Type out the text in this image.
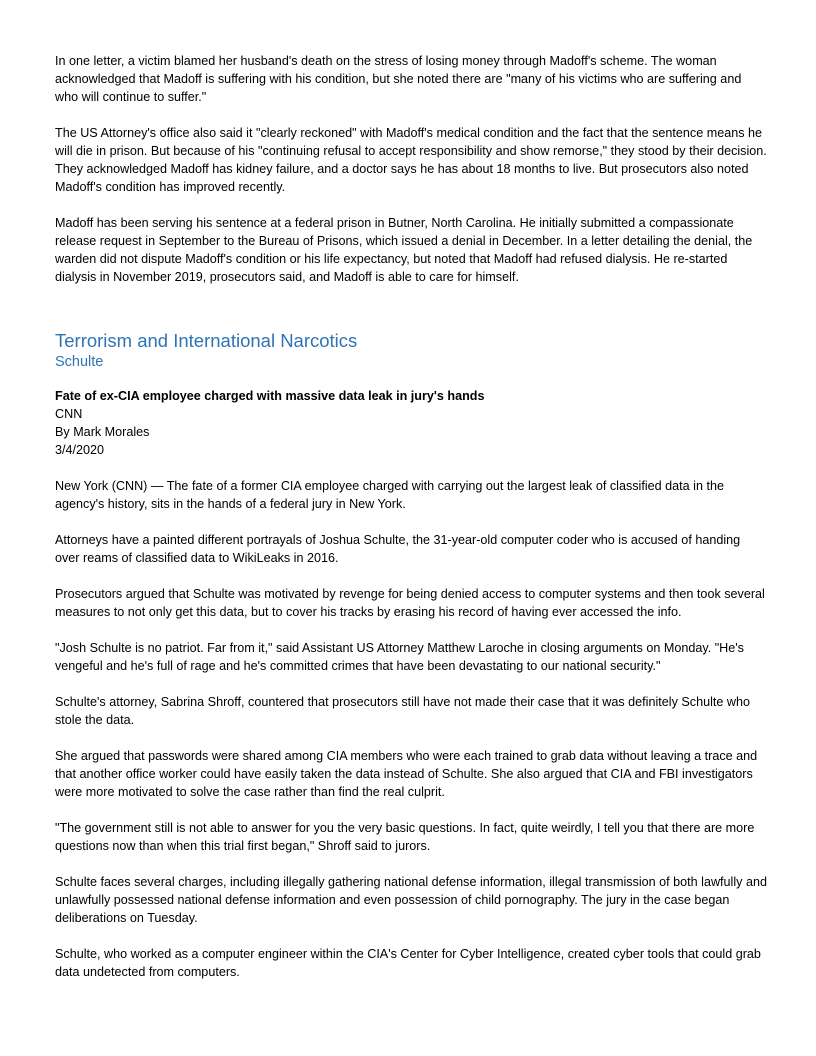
In one letter, a victim blamed her husband's death on the stress of losing money through Madoff's scheme. The woman acknowledged that Madoff is suffering with his condition, but she noted there are "many of his victims who are suffering and who will continue to suffer."

The US Attorney's office also said it "clearly reckoned" with Madoff's medical condition and the fact that the sentence means he will die in prison. But because of his "continuing refusal to accept responsibility and show remorse," they stood by their decision. They acknowledged Madoff has kidney failure, and a doctor says he has about 18 months to live. But prosecutors also noted Madoff's condition has improved recently.

Madoff has been serving his sentence at a federal prison in Butner, North Carolina. He initially submitted a compassionate release request in September to the Bureau of Prisons, which issued a denial in December. In a letter detailing the denial, the warden did not dispute Madoff's condition or his life expectancy, but noted that Madoff had refused dialysis. He re-started dialysis in November 2019, prosecutors said, and Madoff is able to care for himself.

Terrorism and International Narcotics
Schulte

Fate of ex-CIA employee charged with massive data leak in jury's hands

CNN

By Mark Morales

3/4/2020

New York (CNN) — The fate of a former CIA employee charged with carrying out the largest leak of classified data in the agency's history, sits in the hands of a federal jury in New York.

Attorneys have a painted different portrayals of Joshua Schulte, the 31-year-old computer coder who is accused of handing over reams of classified data to WikiLeaks in 2016.

Prosecutors argued that Schulte was motivated by revenge for being denied access to computer systems and then took several measures to not only get this data, but to cover his tracks by erasing his record of having ever accessed the info.

"Josh Schulte is no patriot. Far from it," said Assistant US Attorney Matthew Laroche in closing arguments on Monday. "He's vengeful and he's full of rage and he's committed crimes that have been devastating to our national security."

Schulte's attorney, Sabrina Shroff, countered that prosecutors still have not made their case that it was definitely Schulte who stole the data.

She argued that passwords were shared among CIA members who were each trained to grab data without leaving a trace and that another office worker could have easily taken the data instead of Schulte. She also argued that CIA and FBI investigators were more motivated to solve the case rather than find the real culprit.

"The government still is not able to answer for you the very basic questions. In fact, quite weirdly, I tell you that there are more questions now than when this trial first began," Shroff said to jurors.

Schulte faces several charges, including illegally gathering national defense information, illegal transmission of both lawfully and unlawfully possessed national defense information and even possession of child pornography. The jury in the case began deliberations on Tuesday.

Schulte, who worked as a computer engineer within the CIA's Center for Cyber Intelligence, created cyber tools that could grab data undetected from computers.
